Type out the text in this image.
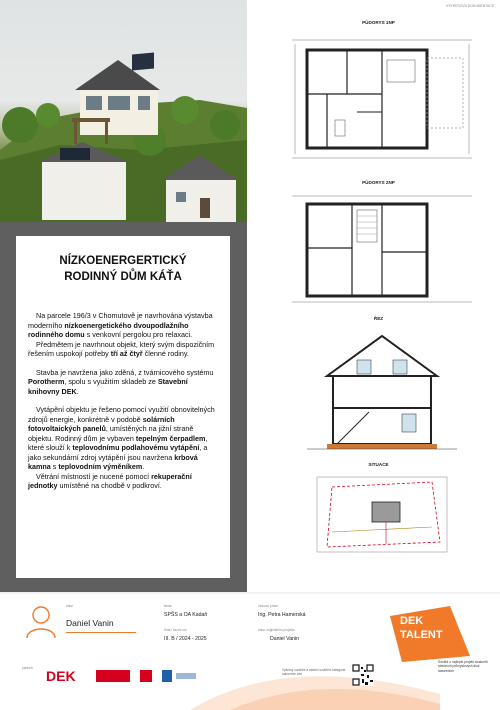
NÍZKOENERGERTICKÝ
RODINNÝ DŮM KÁŤA

Na parcele 196/3 v Chomutově je navrhována výstavba moderního nízkoenergetického dvoupodlažního rodinného domu s venkovní pergolou pro relaxaci.

Předmětem je navrhnout objekt, který svým dispozičním řešením uspokojí potřeby tří až čtyř členné rodiny.

Stavba je navržena jako zděná, z tvárnicového systému Porotherm, spolu s využitím skladeb ze Stavební knihovny DEK.

Vytápění objektu je řešeno pomocí využití obnovitelných zdrojů energie, konkrétně v podobě solárních fotovoltaických panelů, umístěných na jižní straně objektu. Rodinný dům je vybaven tepelným čerpadlem, které slouží k teplovodnímu podlahovému vytápění, a jako sekundární zdroj vytápění jsou navržena krbová kamna s teplovodním výměníkem.

Větrání místností je nucené pomocí rekuperační jednotky umístěné na chodbě v podkroví.

VÝKRESOVÁ DOKUMENTACE
PŮDORYS 1NP
PŮDORYS 2NP
ŘEZ
SITUACE
autor
Daniel Vanin
škola
SPŠS a OA Kadaň
třída / školní rok
III. B / 2024 - 2025
vedoucí práce
Ing. Petra Hamerská
autor originálního projektu
Daniel Vanin
partneři DEK	Výkresy soutěže a ostatní soutěžní kategorie naleznete zde
DEK
TALENT
Soutěž o nejlepší projekt studentů středních průmyslových škol stavebních
